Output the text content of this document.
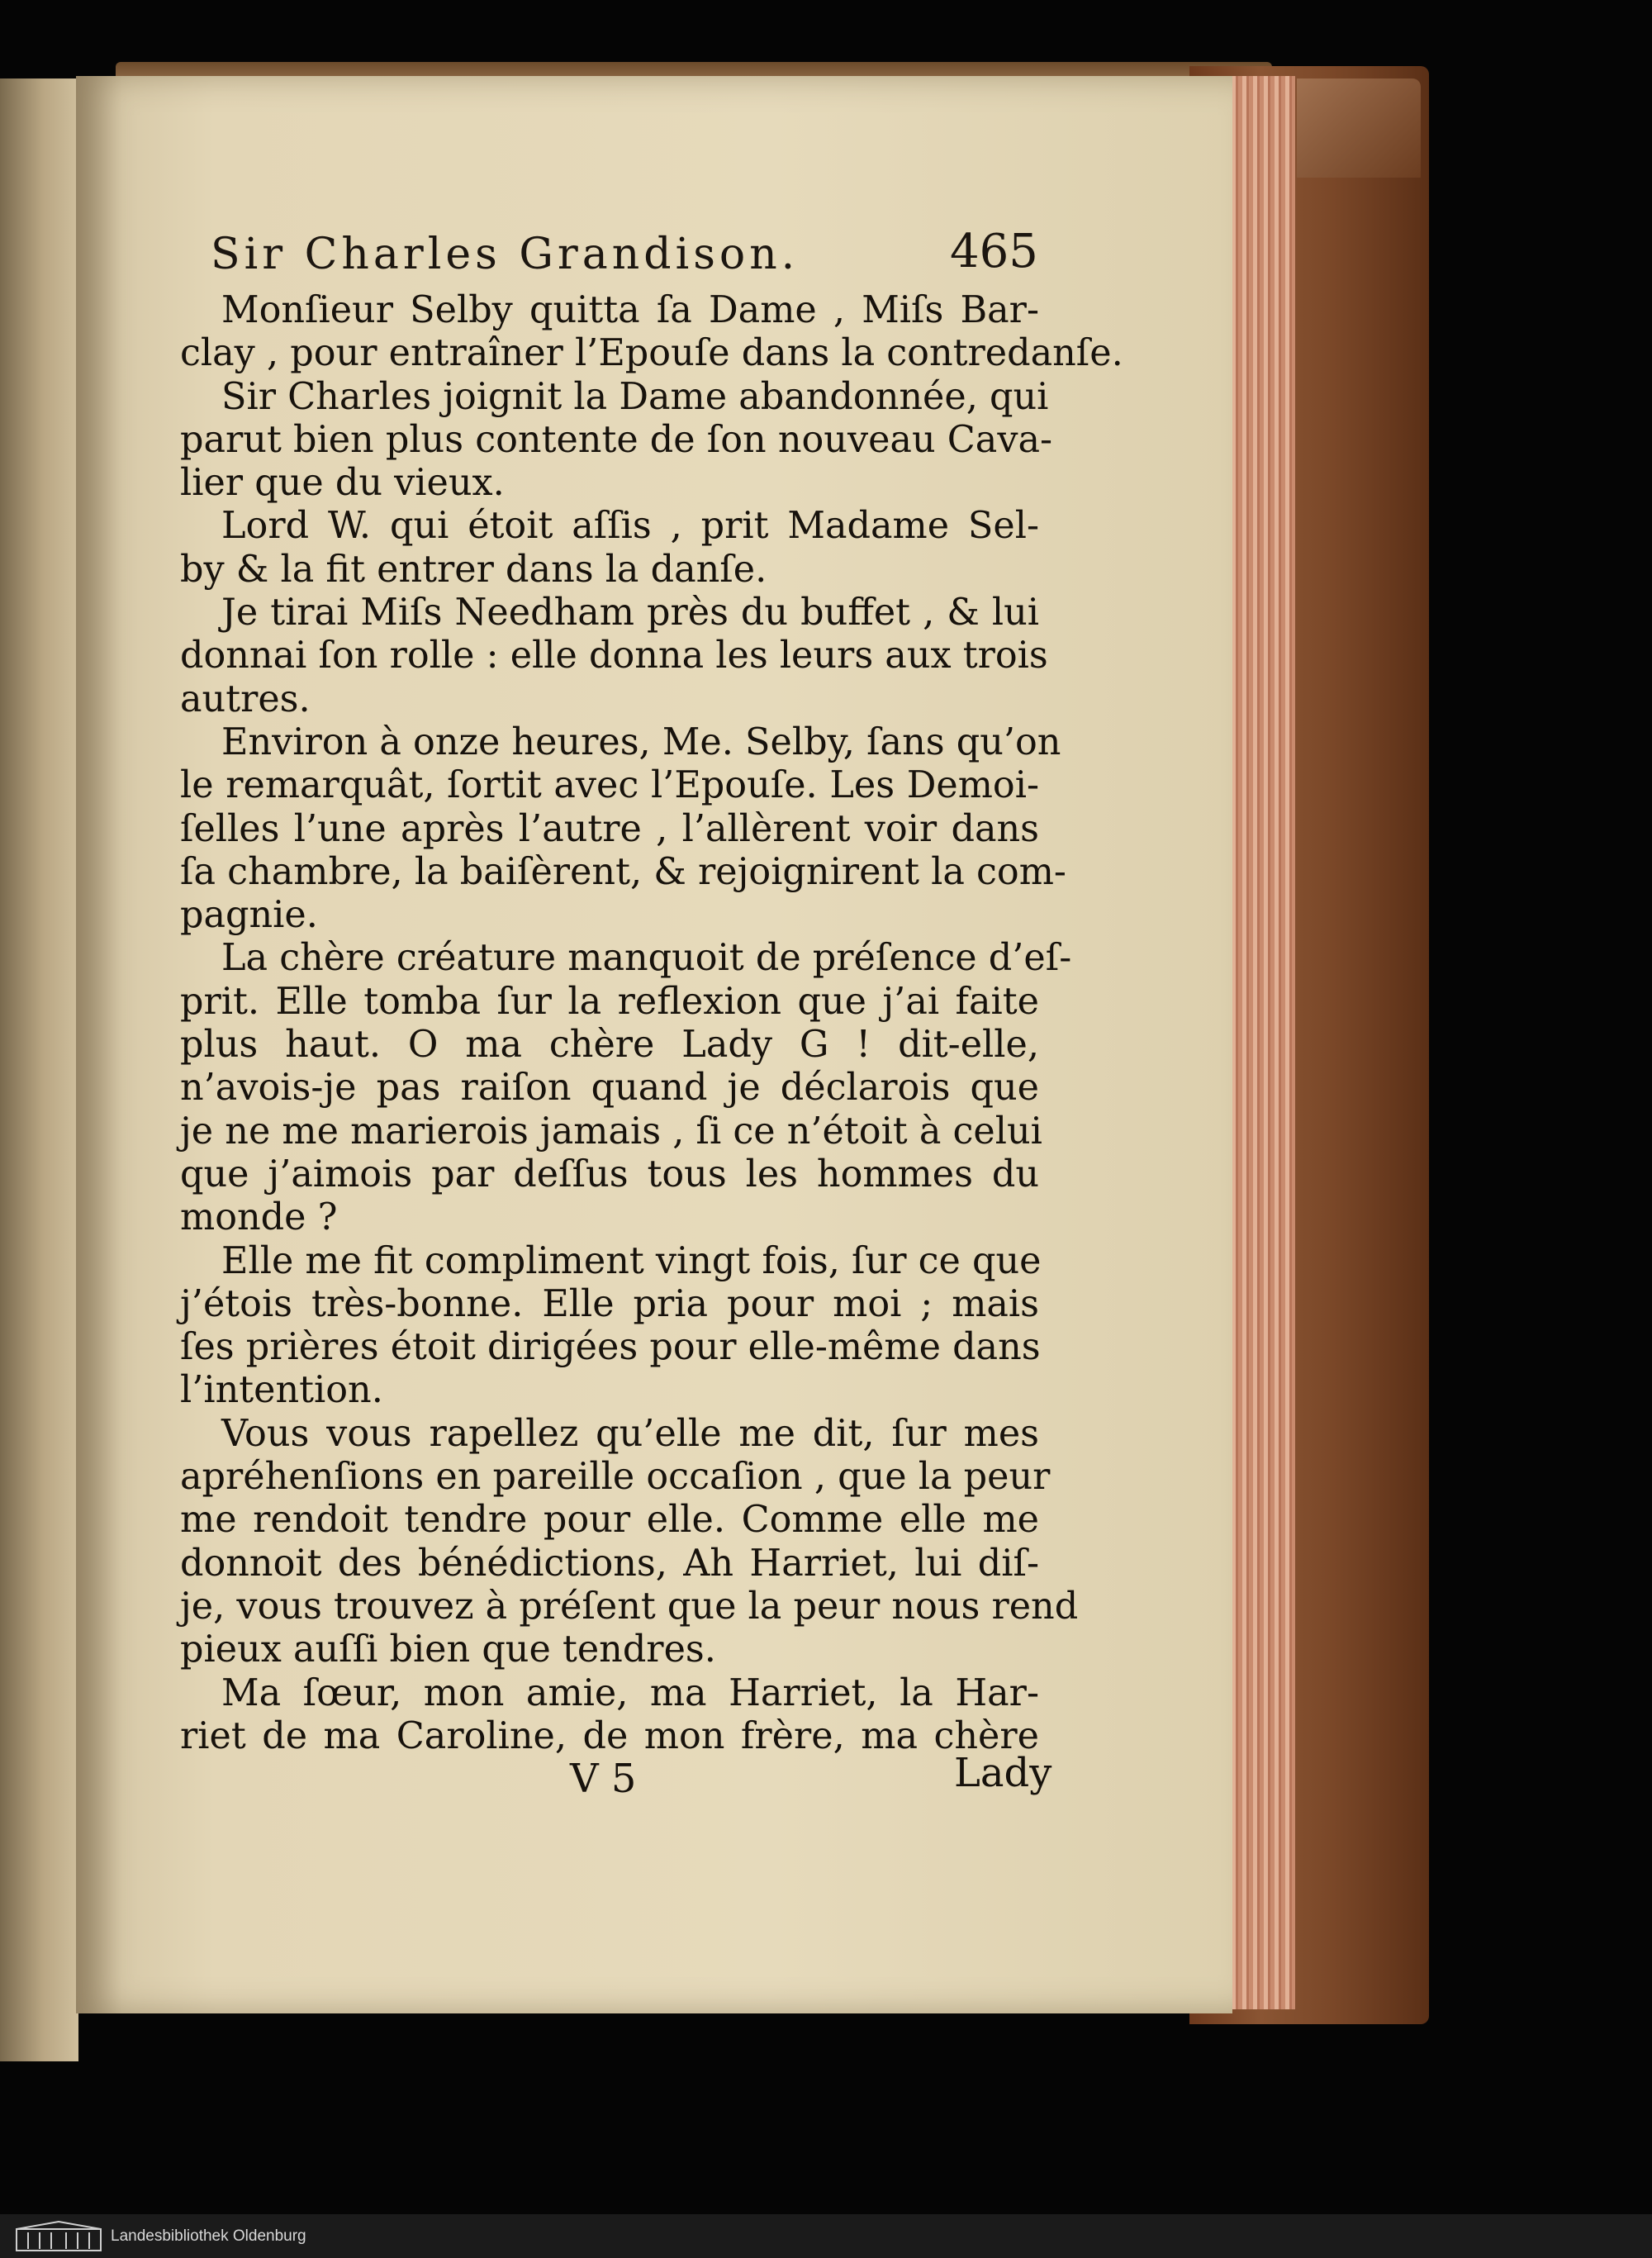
Sir Charles Grandison.	465
Monſieur Selby quitta ſa Dame , Miſs Bar-
clay , pour entraîner l’Epouſe dans la contredanſe.
Sir Charles joignit la Dame abandonnée, qui
parut bien plus contente de ſon nouveau Cava-
lier que du vieux.
Lord W. qui étoit aſſis , prit Madame Sel-
by & la fit entrer dans la danſe.
Je tirai Miſs Needham près du buffet , & lui
donnai ſon rolle : elle donna les leurs aux trois
autres.
Environ à onze heures, Me. Selby, ſans qu’on
le remarquât, ſortit avec l’Epouſe. Les Demoi-
ſelles l’une après l’autre , l’allèrent voir dans
ſa chambre, la baiſèrent, & rejoignirent la com-
pagnie.
La chère créature manquoit de préſence d’eſ-
prit. Elle tomba ſur la reflexion que j’ai faite
plus haut. O ma chère Lady G ! dit-elle,
n’avois-je pas raiſon quand je déclarois que
je ne me marierois jamais , ſi ce n’étoit à celui
que j’aimois par deſſus tous les hommes du
monde ?
Elle me fit compliment vingt fois, ſur ce que
j’étois très-bonne. Elle pria pour moi ; mais
ſes prières étoit dirigées pour elle-même dans
l’intention.
Vous vous rapellez qu’elle me dit, ſur mes
apréhenſions en pareille occaſion , que la peur
me rendoit tendre pour elle. Comme elle me
donnoit des bénédictions, Ah Harriet, lui diſ-
je, vous trouvez à préſent que la peur nous rend
pieux auſſi bien que tendres.
Ma ſœur, mon amie, ma Harriet, la Har-
riet de ma Caroline, de mon frère, ma chère
V 5	Lady
Landesbibliothek Oldenburg
